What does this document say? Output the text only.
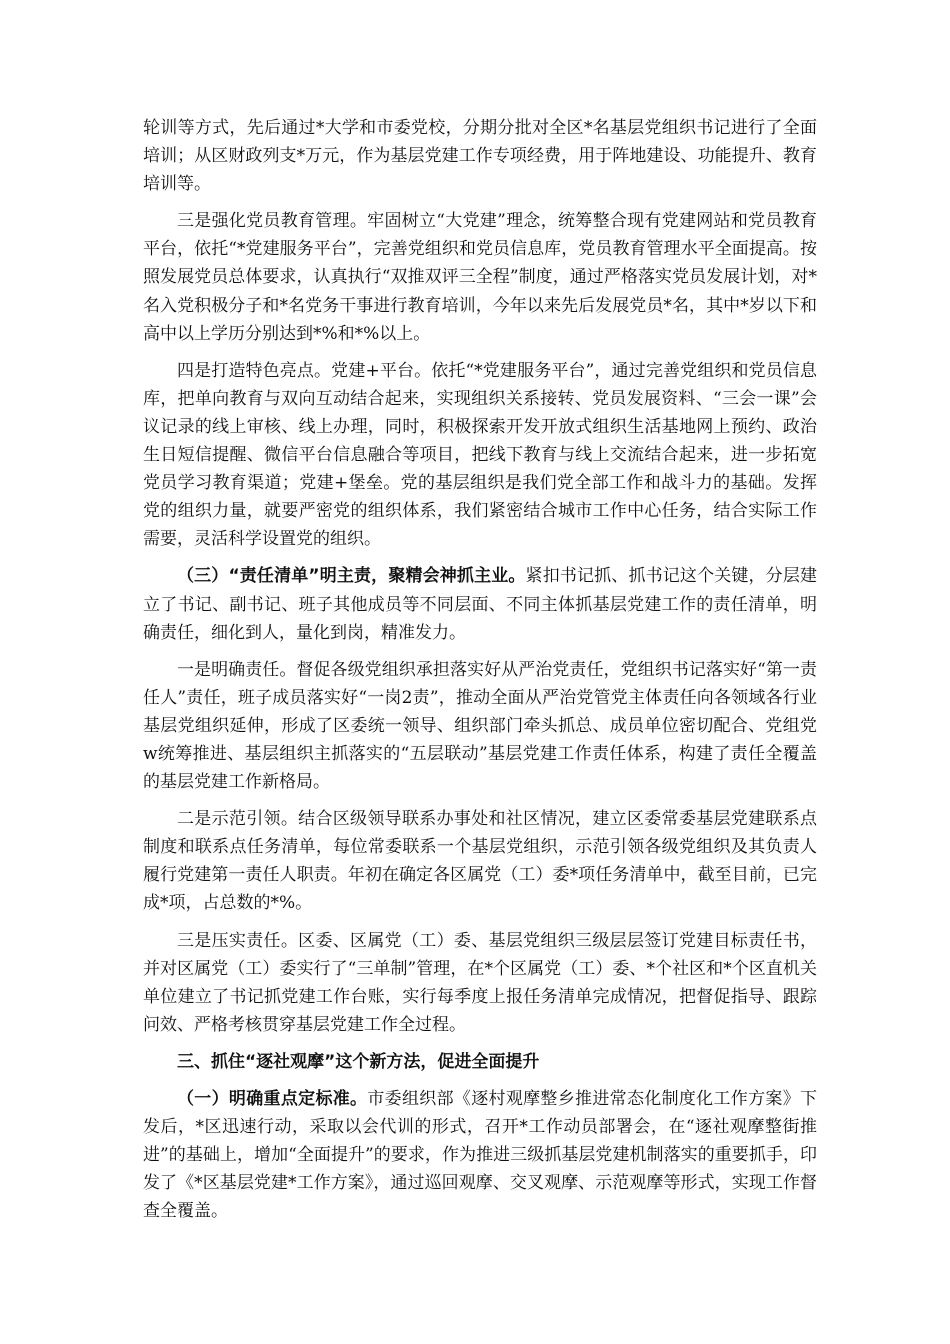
轮训等方式，先后通过*大学和市委党校，分期分批对全区*名基层党组织书记进行了全面培训；从区财政列支*万元，作为基层党建工作专项经费，用于阵地建设、功能提升、教育培训等。

三是强化党员教育管理。牢固树立“大党建”理念，统筹整合现有党建网站和党员教育平台，依托“*党建服务平台”，完善党组织和党员信息库，党员教育管理水平全面提高。按照发展党员总体要求，认真执行“双推双评三全程”制度，通过严格落实党员发展计划，对*名入党积极分子和*名党务干事进行教育培训，今年以来先后发展党员*名，其中*岁以下和高中以上学历分别达到*%和*%以上。

四是打造特色亮点。党建+平台。依托“*党建服务平台”，通过完善党组织和党员信息库，把单向教育与双向互动结合起来，实现组织关系接转、党员发展资料、“三会一课”会议记录的线上审核、线上办理，同时，积极探索开发开放式组织生活基地网上预约、政治生日短信提醒、微信平台信息融合等项目，把线下教育与线上交流结合起来，进一步拓宽党员学习教育渠道；党建+堡垒。党的基层组织是我们党全部工作和战斗力的基础。发挥党的组织力量，就要严密党的组织体系，我们紧密结合城市工作中心任务，结合实际工作需要，灵活科学设置党的组织。

（三）“责任清单”明主责，聚精会神抓主业。紧扣书记抓、抓书记这个关键，分层建立了书记、副书记、班子其他成员等不同层面、不同主体抓基层党建工作的责任清单，明确责任，细化到人，量化到岗，精准发力。

一是明确责任。督促各级党组织承担落实好从严治党责任，党组织书记落实好“第一责任人”责任，班子成员落实好“一岗2责”，推动全面从严治党管党主体责任向各领域各行业基层党组织延伸，形成了区委统一领导、组织部门牵头抓总、成员单位密切配合、党组党w统筹推进、基层组织主抓落实的“五层联动”基层党建工作责任体系，构建了责任全覆盖的基层党建工作新格局。

二是示范引领。结合区级领导联系办事处和社区情况，建立区委常委基层党建联系点制度和联系点任务清单，每位常委联系一个基层党组织，示范引领各级党组织及其负责人履行党建第一责任人职责。年初在确定各区属党（工）委*项任务清单中，截至目前，已完成*项，占总数的*%。

三是压实责任。区委、区属党（工）委、基层党组织三级层层签订党建目标责任书，并对区属党（工）委实行了“三单制”管理，在*个区属党（工）委、*个社区和*个区直机关单位建立了书记抓党建工作台账，实行每季度上报任务清单完成情况，把督促指导、跟踪问效、严格考核贯穿基层党建工作全过程。

三、抓住“逐社观摩”这个新方法，促进全面提升

（一）明确重点定标准。市委组织部《逐村观摩整乡推进常态化制度化工作方案》下发后，*区迅速行动，采取以会代训的形式，召开*工作动员部署会，在“逐社观摩整街推进”的基础上，增加“全面提升”的要求，作为推进三级抓基层党建机制落实的重要抓手，印发了《*区基层党建*工作方案》，通过巡回观摩、交叉观摩、示范观摩等形式，实现工作督查全覆盖。
